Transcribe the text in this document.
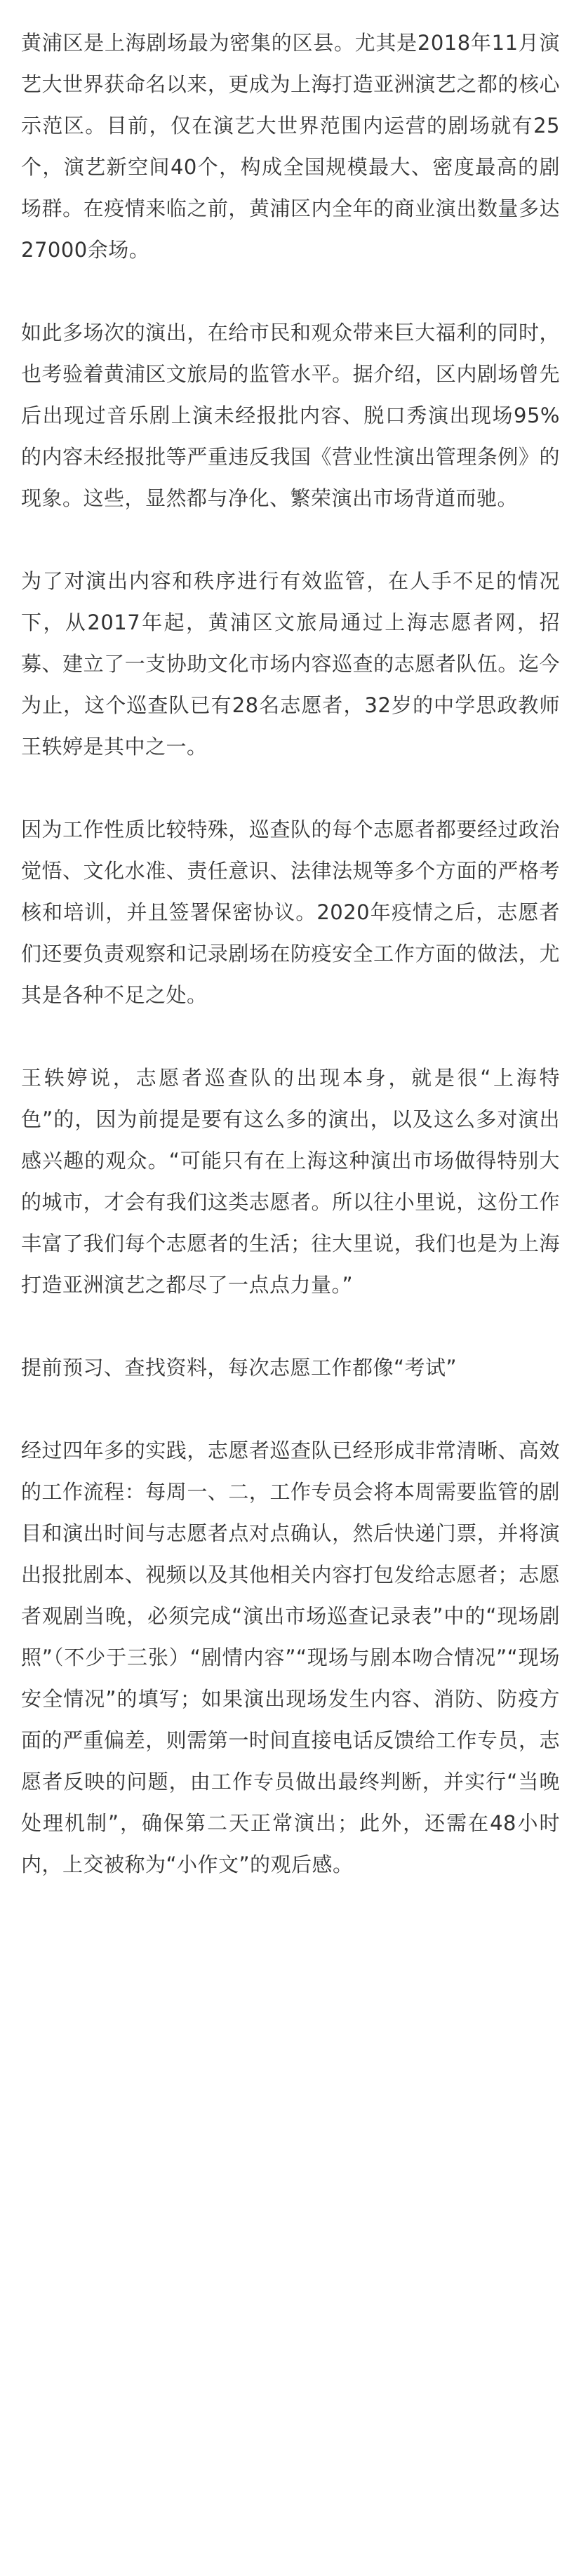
黄浦区是上海剧场最为密集的区县。尤其是2018年11月演艺大世界获命名以来，更成为上海打造亚洲演艺之都的核心示范区。目前，仅在演艺大世界范围内运营的剧场就有25个，演艺新空间40个，构成全国规模最大、密度最高的剧场群。在疫情来临之前，黄浦区内全年的商业演出数量多达27000余场。

如此多场次的演出，在给市民和观众带来巨大福利的同时，也考验着黄浦区文旅局的监管水平。据介绍，区内剧场曾先后出现过音乐剧上演未经报批内容、脱口秀演出现场95%的内容未经报批等严重违反我国《营业性演出管理条例》的现象。这些，显然都与净化、繁荣演出市场背道而驰。

为了对演出内容和秩序进行有效监管，在人手不足的情况下，从2017年起，黄浦区文旅局通过上海志愿者网，招募、建立了一支协助文化市场内容巡查的志愿者队伍。迄今为止，这个巡查队已有28名志愿者，32岁的中学思政教师王轶婷是其中之一。

因为工作性质比较特殊，巡查队的每个志愿者都要经过政治觉悟、文化水准、责任意识、法律法规等多个方面的严格考核和培训，并且签署保密协议。2020年疫情之后，志愿者们还要负责观察和记录剧场在防疫安全工作方面的做法，尤其是各种不足之处。

王轶婷说，志愿者巡查队的出现本身，就是很“上海特色”的，因为前提是要有这么多的演出，以及这么多对演出感兴趣的观众。“可能只有在上海这种演出市场做得特别大的城市，才会有我们这类志愿者。所以往小里说，这份工作丰富了我们每个志愿者的生活；往大里说，我们也是为上海打造亚洲演艺之都尽了一点点力量。”

提前预习、查找资料，每次志愿工作都像“考试”

经过四年多的实践，志愿者巡查队已经形成非常清晰、高效的工作流程：每周一、二，工作专员会将本周需要监管的剧目和演出时间与志愿者点对点确认，然后快递门票，并将演出报批剧本、视频以及其他相关内容打包发给志愿者；志愿者观剧当晚，必须完成“演出市场巡查记录表”中的“现场剧照”（不少于三张）“剧情内容”“现场与剧本吻合情况”“现场安全情况”的填写；如果演出现场发生内容、消防、防疫方面的严重偏差，则需第一时间直接电话反馈给工作专员，志愿者反映的问题，由工作专员做出最终判断，并实行“当晚处理机制”，确保第二天正常演出；此外，还需在48小时内，上交被称为“小作文”的观后感。
